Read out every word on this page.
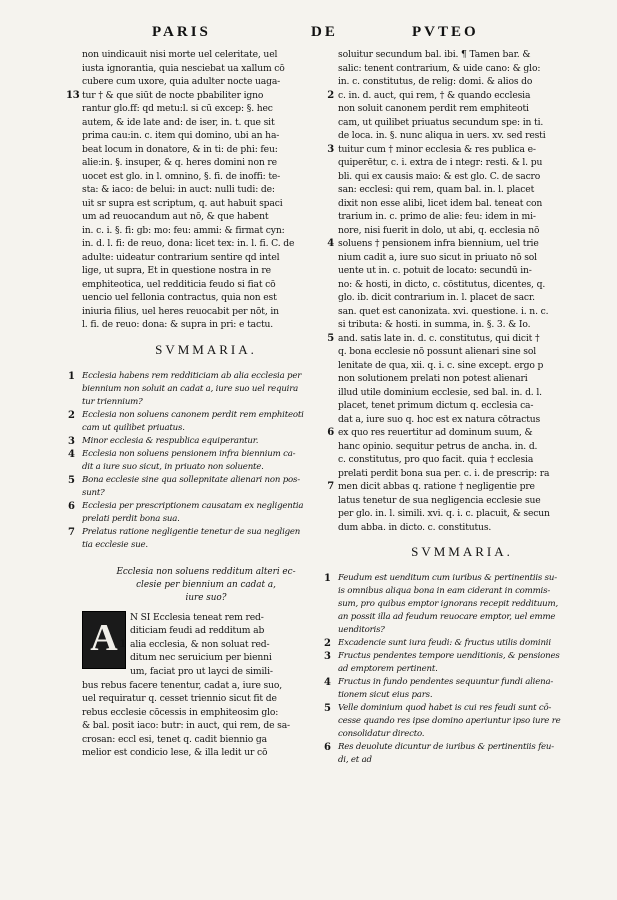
PARIS	DE	PVTEO
non uindicauit nisi morte uel celeritate, uel
iusta ignorantia, quia nesciebat ua xallum cō
cubere cum uxore, quia adulter nocte uaga-
13 tur † & que siūt de nocte pbabiliter igno
rantur glo.ff: qd metu:l. si cū excep: §. hec
autem, & ide late and: de iser, in. t. que sit
prima cau:in. c. item qui domino, ubi an ha-
beat locum in donatore, & in ti: de phi: feu:
alie:in. §. insuper, & q. heres domini non re
uocet est glo. in l. omnino, §. fi. de inoffi: te-
sta: & iaco: de belui: in auct: nulli tudi: de:
uit sr supra est scriptum, q. aut habuit spaci
um ad reuocandum aut nō, & que habent
in. c. i. §. fi: gb: mo: feu: ammi: & firmat cyn:
in. d. l. fi: de reuo, dona: licet tex: in. l. fi. C. de
adulte: uideatur contrarium sentire qd intel
lige, ut supra, Et in questione nostra in re
emphiteotica, uel redditicia feudo si fiat cō
uencio uel fellonia contractus, quia non est
iniuria filius, uel heres reuocabit per nōt, in
l. fi. de reuo: dona: & supra in pri: e tactu.
SVMMARIA.
1 Ecclesia habens rem redditiciam ab alia ecclesia per
biennium non soluit an cadat a, iure suo uel requira
tur triennium?
2 Ecclesia non soluens canonem perdit rem emphiteoti
cam ut quilibet priuatus.
3 Minor ecclesia & respublica equiperantur.
4 Ecclesia non soluens pensionem infra biennium ca-
dit a iure suo sicut, in priuato non soluente.
5 Bona ecclesie sine qua sollepnitate alienari non pos-
sunt?
6 Ecclesia per prescriptionem causatam ex negligentia
prelati perdit bona sua.
7 Prelatus ratione negligentie tenetur de sua negligen
tia ecclesie sue.
Ecclesia non soluens redditum alteri ec-
clesie per biennium an cadat a,
iure suo?
A	N SI Ecclesia teneat rem red-
diticiam feudi ad redditum ab
1 alia ecclesia, & non soluat red-
ditum nec seruicium per bienni
um, faciat pro ut layci de simili-
bus rebus facere tenentur, cadat a, iure suo,
uel requiratur q. cesset triennio sicut fit de
rebus ecclesie cōcessis in emphiteosim glo:
& bal. posit iaco: butr: in auct, qui rem, de sa-
crosan: eccl esi, tenet q. cadit biennio ga
melior est condicio lese, & illa ledit ur cō
soluitur secundum bal. ibi. ¶ Tamen bar. &
salic: tenent contrarium, & uide cano: & glo:
in. c. constitutus, de relig: domi. & alios do
2 c. in. d. auct, qui rem, † & quando ecclesia
non soluit canonem perdit rem emphiteoti
cam, ut quilibet priuatus secundum spe: in ti.
de loca. in. §. nunc aliqua in uers. xv. sed resti
3 tuitur cum † minor ecclesia & res publica e-
quiperētur, c. i. extra de i ntegr: resti. & l. pu
bli. qui ex causis maio: & est glo. C. de sacro
san: ecclesi: qui rem, quam bal. in. l. placet
dixit non esse alibi, licet idem bal. teneat con
trarium in. c. primo de alie: feu: idem in mi-
nore, nisi fuerit in dolo, ut abi, q. ecclesia nō
4 soluens † pensionem infra biennium, uel trie
nium cadit a, iure suo sicut in priuato nō sol
uente ut in. c. potuit de locato: secundū in-
no: & hosti, in dicto, c. cōstitutus, dicentes, q.
glo. ib. dicit contrarium in. l. placet de sacr.
san. quet est canonizata. xvi. questione. i. n. c.
si tributa: & hosti. in summa, in. §. 3. & Io.
5 and. satis late in. d. c. constitutus, qui dicit †
q. bona ecclesie nō possunt alienari sine sol
lenitate de qua, xii. q. i. c. sine except. ergo p
non solutionem prelati non potest alienari
illud utile dominium ecclesie, sed bal. in. d. l.
placet, tenet primum dictum q. ecclesia ca-
dat a, iure suo q. hoc est ex natura cōtractus
6 ex quo res reuertitur ad dominum suum, &
hanc opinio. sequitur petrus de ancha. in. d.
c. constitutus, pro quo facit. quia † ecclesia
prelati perdit bona sua per. c. i. de prescrip: ra
7 men dicit abbas q. ratione † negligentie pre
latus tenetur de sua negligencia ecclesie sue
per glo. in. l. simili. xvi. q. i. c. placuit, & secun
dum abba. in dicto. c. constitutus.
SVMMARIA.
1 Feudum est uenditum cum iuribus & pertinentiis su-
is omnibus aliqua bona in eam ciderant in commis-
sum, pro quibus emptor ignorans recepit reddituum,
an possit illa ad feudum reuocare emptor, uel emme
uenditoris?
2 Excadencie sunt iura feudi: & fructus utilis dominii
3 Fructus pendentes tempore uenditionis, & pensiones
ad emptorem pertinent.
4 Fructus in fundo pendentes sequuntur fundi aliena-
tionem sicut eius pars.
5 Velle dominium quod habet is cui res feudi sunt cō-
cesse quando res ipse domino aperiuntur ipso iure re
consolidatur directo.
6 Res deuolute dicuntur de iuribus & pertinentiis feu-
di, et ad
